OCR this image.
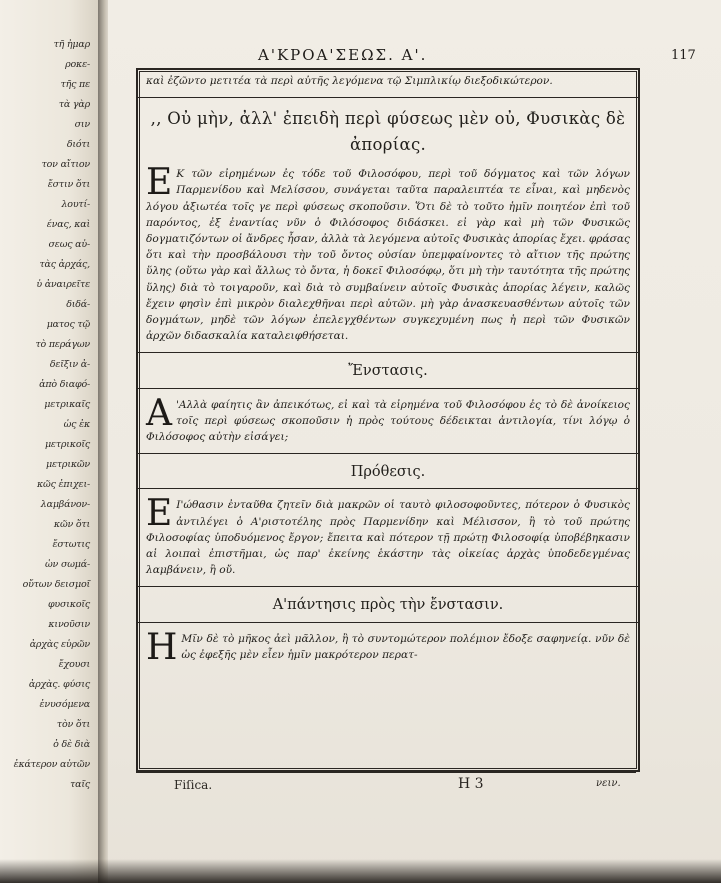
τῆ ἠμαρ
ροκε-
τῆς πε
τὰ γὰρ
σιν
διότι
τον αἴτιον
ἔστιν ὅτι
λουτί-
ένας, καὶ
σεως αὐ-
τὰς ἀρχάς,
ὐ ἀναιρεῖτε
διδά-
ματος τῷ
τὸ περάγων
δεῖξιν ἀ-
ἀπὸ διαφό-
μετρικαῖς
ὡς ἐκ
μετρικοῖς
μετρικῶν
κῶς ἐπιχει-
λαμβάνον-
κῶν ὅτι
ἔστωτις
ὡν σωμά-
οὔτων δεισμοῖ
φυσικοῖς
κινοῦσιν
ἀρχὰς εὑρῶν
ἔχουσι
ἀρχὰς. φύσις
ἐνυσόμενα
τὸν ὅτι
ὁ δὲ διὰ
ἐκάτερον αὐτῶν
ταῖς
Α'ΚΡΟΑ'ΣΕΩΣ. Α'.	117
καὶ ἐζῶντο μετιτέα τὰ περὶ αὐτῆς λεγόμενα τῷ Σιμπλικίῳ διεξοδικώτερον.
,, Οὐ μὴν, ἀλλ' ἐπειδὴ περὶ φύσεως μὲν οὐ, Φυσικὰς δὲ ἀπορίας.
Ε Κ τῶν εἰρημένων ἐς τόδε τοῦ Φιλοσόφου, περὶ τοῦ δόγματος καὶ τῶν λόγων Παρμενίδου καὶ Μελίσσου, συνάγεται ταῦτα παραλειπτέα τε εἶναι, καὶ μηδενὸς λόγου ἀξιωτέα τοῖς γε περὶ φύσεως σκοποῦσιν. Ὅτι δὲ τὸ τοῦτο ἡμῖν ποιητέον ἐπὶ τοῦ παρόντος, ἐξ ἐναντίας νῦν ὁ Φιλόσοφος διδάσκει. εἰ γὰρ καὶ μὴ τῶν Φυσικῶς δογματιζόντων οἱ ἄνδρες ἦσαν, ἀλλὰ τὰ λεγόμενα αὐτοῖς Φυσικὰς ἀπορίας ἔχει. φράσας ὅτι καὶ τὴν προσβάλουσι τὴν τοῦ ὄντος οὐσίαν ὑπεμφαίνοντες τὸ αἴτιον τῆς πρώτης ὕλης (οὕτω γὰρ καὶ ἄλλως τὸ ὄντα, ἡ δοκεῖ Φιλοσόφῳ, ὅτι μὴ τὴν ταυτότητα τῆς πρώτης ὕλης) διὰ τὸ τοιγαροῦν, καὶ διὰ τὸ συμβαίνειν αὐτοῖς Φυσικὰς ἀπορίας λέγειν, καλῶς ἔχειν φησὶν ἐπὶ μικρὸν διαλεχθῆναι περὶ αὐτῶν. μὴ γὰρ ἀνασκευασθέντων αὐτοῖς τῶν δογμάτων, μηδὲ τῶν λόγων ἐπελεγχθέντων συγκεχυμένη πως ἡ περὶ τῶν Φυσικῶν ἀρχῶν διδασκαλία καταλειφθήσεται.
Ἔνστασις.
Α 'Αλλὰ φαίητις ἂν ἀπεικότως, εἰ καὶ τὰ εἰρημένα τοῦ Φιλοσόφου ἐς τὸ δὲ ἀνοίκειος τοῖς περὶ φύσεως σκοποῦσιν ἡ πρὸς τούτους δέδεικται ἀντιλογία, τίνι λόγῳ ὁ Φιλόσοφος αὐτὴν εἰσάγει;
Πρόθεσις.
Ε Ι'ώθασιν ἐνταῦθα ζητεῖν διὰ μακρῶν οἱ ταυτὸ φιλοσοφοῦντες, πότερον ὁ Φυσικὸς ἀντιλέγει ὁ Α'ριστοτέλης πρὸς Παρμενίδην καὶ Μέλισσον, ἢ τὸ τοῦ πρώτης Φιλοσοφίας ὑποδυόμενος ἔργον; ἔπειτα καὶ πότερον τῇ πρώτῃ Φιλοσοφίᾳ ὑποβέβηκασιν αἱ λοιπαὶ ἐπιστῆμαι, ὡς παρ' ἐκείνης ἑκάστην τὰς οἰκείας ἀρχὰς ὑποδεδεγμένας λαμβάνειν, ἢ οὔ.
Α'πάντησις πρὸς τὴν ἔνστασιν.
Η Μῖν δὲ τὸ μῆκος ἀεὶ μᾶλλον, ἢ τὸ συντομώτερον πολέμιον ἔδοξε σαφηνείᾳ. νῦν δὲ ὡς ἐφεξῆς μὲν εἶεν ἡμῖν μακρότερον περατ-
Fiſica.	H 3	νειν.
